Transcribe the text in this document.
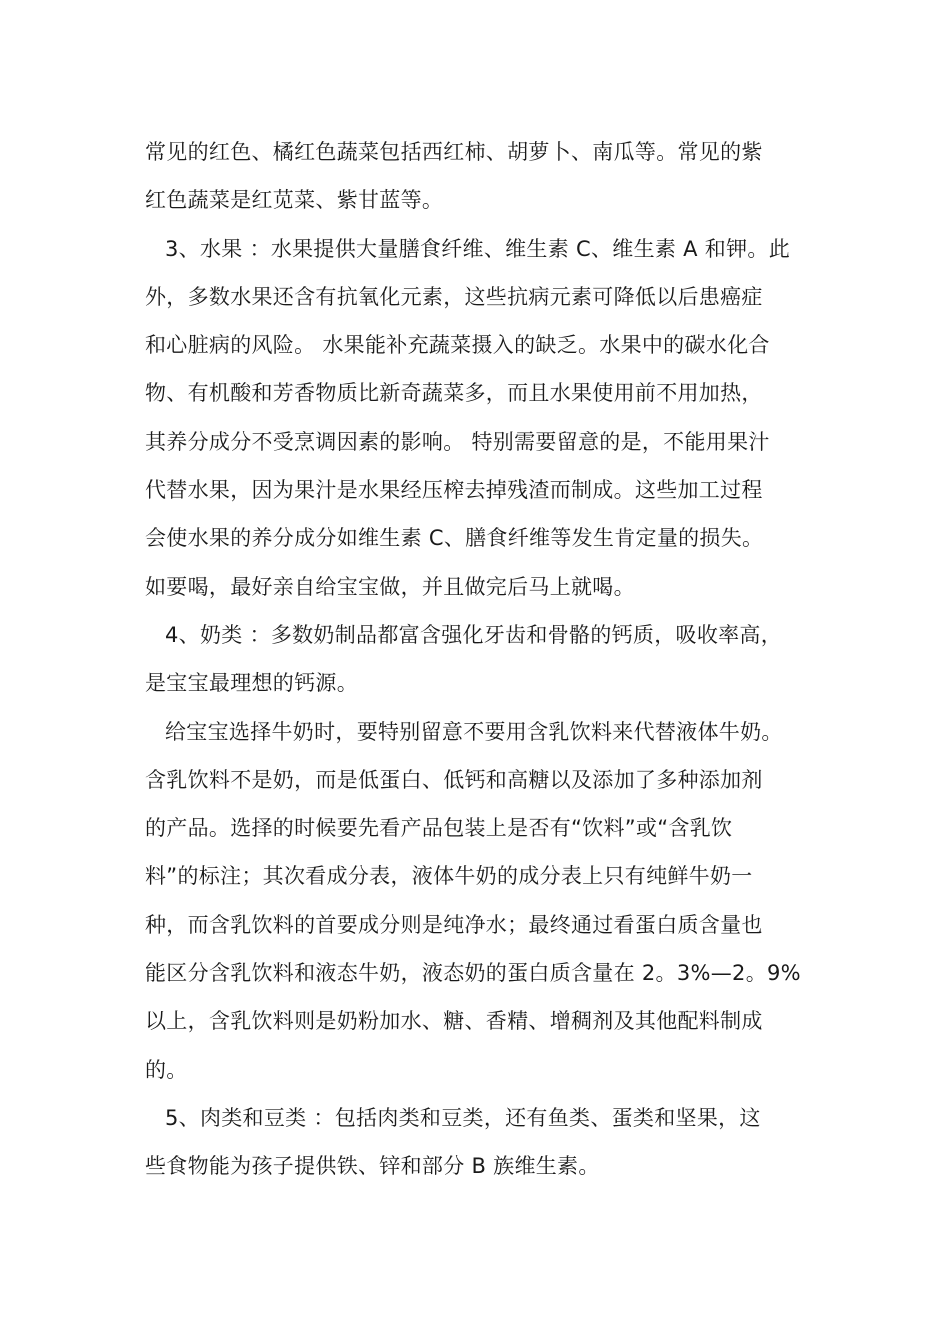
常见的红色、橘红色蔬菜包括西红柿、胡萝卜、南瓜等。常见的紫
红色蔬菜是红苋菜、紫甘蓝等。
3、水果 ：水果提供大量膳食纤维、维生素 C、维生素 A 和钾。此
外，多数水果还含有抗氧化元素，这些抗病元素可降低以后患癌症
和心脏病的风险。 水果能补充蔬菜摄入的缺乏。水果中的碳水化合
物、有机酸和芳香物质比新奇蔬菜多，而且水果使用前不用加热，
其养分成分不受烹调因素的影响。 特别需要留意的是，不能用果汁
代替水果，因为果汁是水果经压榨去掉残渣而制成。这些加工过程
会使水果的养分成分如维生素 C、膳食纤维等发生肯定量的损失。
如要喝，最好亲自给宝宝做，并且做完后马上就喝。
4、奶类 ：多数奶制品都富含强化牙齿和骨骼的钙质，吸收率高，
是宝宝最理想的钙源。
给宝宝选择牛奶时，要特别留意不要用含乳饮料来代替液体牛奶。
含乳饮料不是奶，而是低蛋白、低钙和高糖以及添加了多种添加剂
的产品。选择的时候要先看产品包装上是否有“饮料”或“含乳饮
料”的标注；其次看成分表，液体牛奶的成分表上只有纯鲜牛奶一
种，而含乳饮料的首要成分则是纯净水；最终通过看蛋白质含量也
能区分含乳饮料和液态牛奶，液态奶的蛋白质含量在 2。3%—2。9%
以上，含乳饮料则是奶粉加水、糖、香精、增稠剂及其他配料制成
的。
5、肉类和豆类 ：包括肉类和豆类，还有鱼类、蛋类和坚果，这
些食物能为孩子提供铁、锌和部分 B 族维生素。
